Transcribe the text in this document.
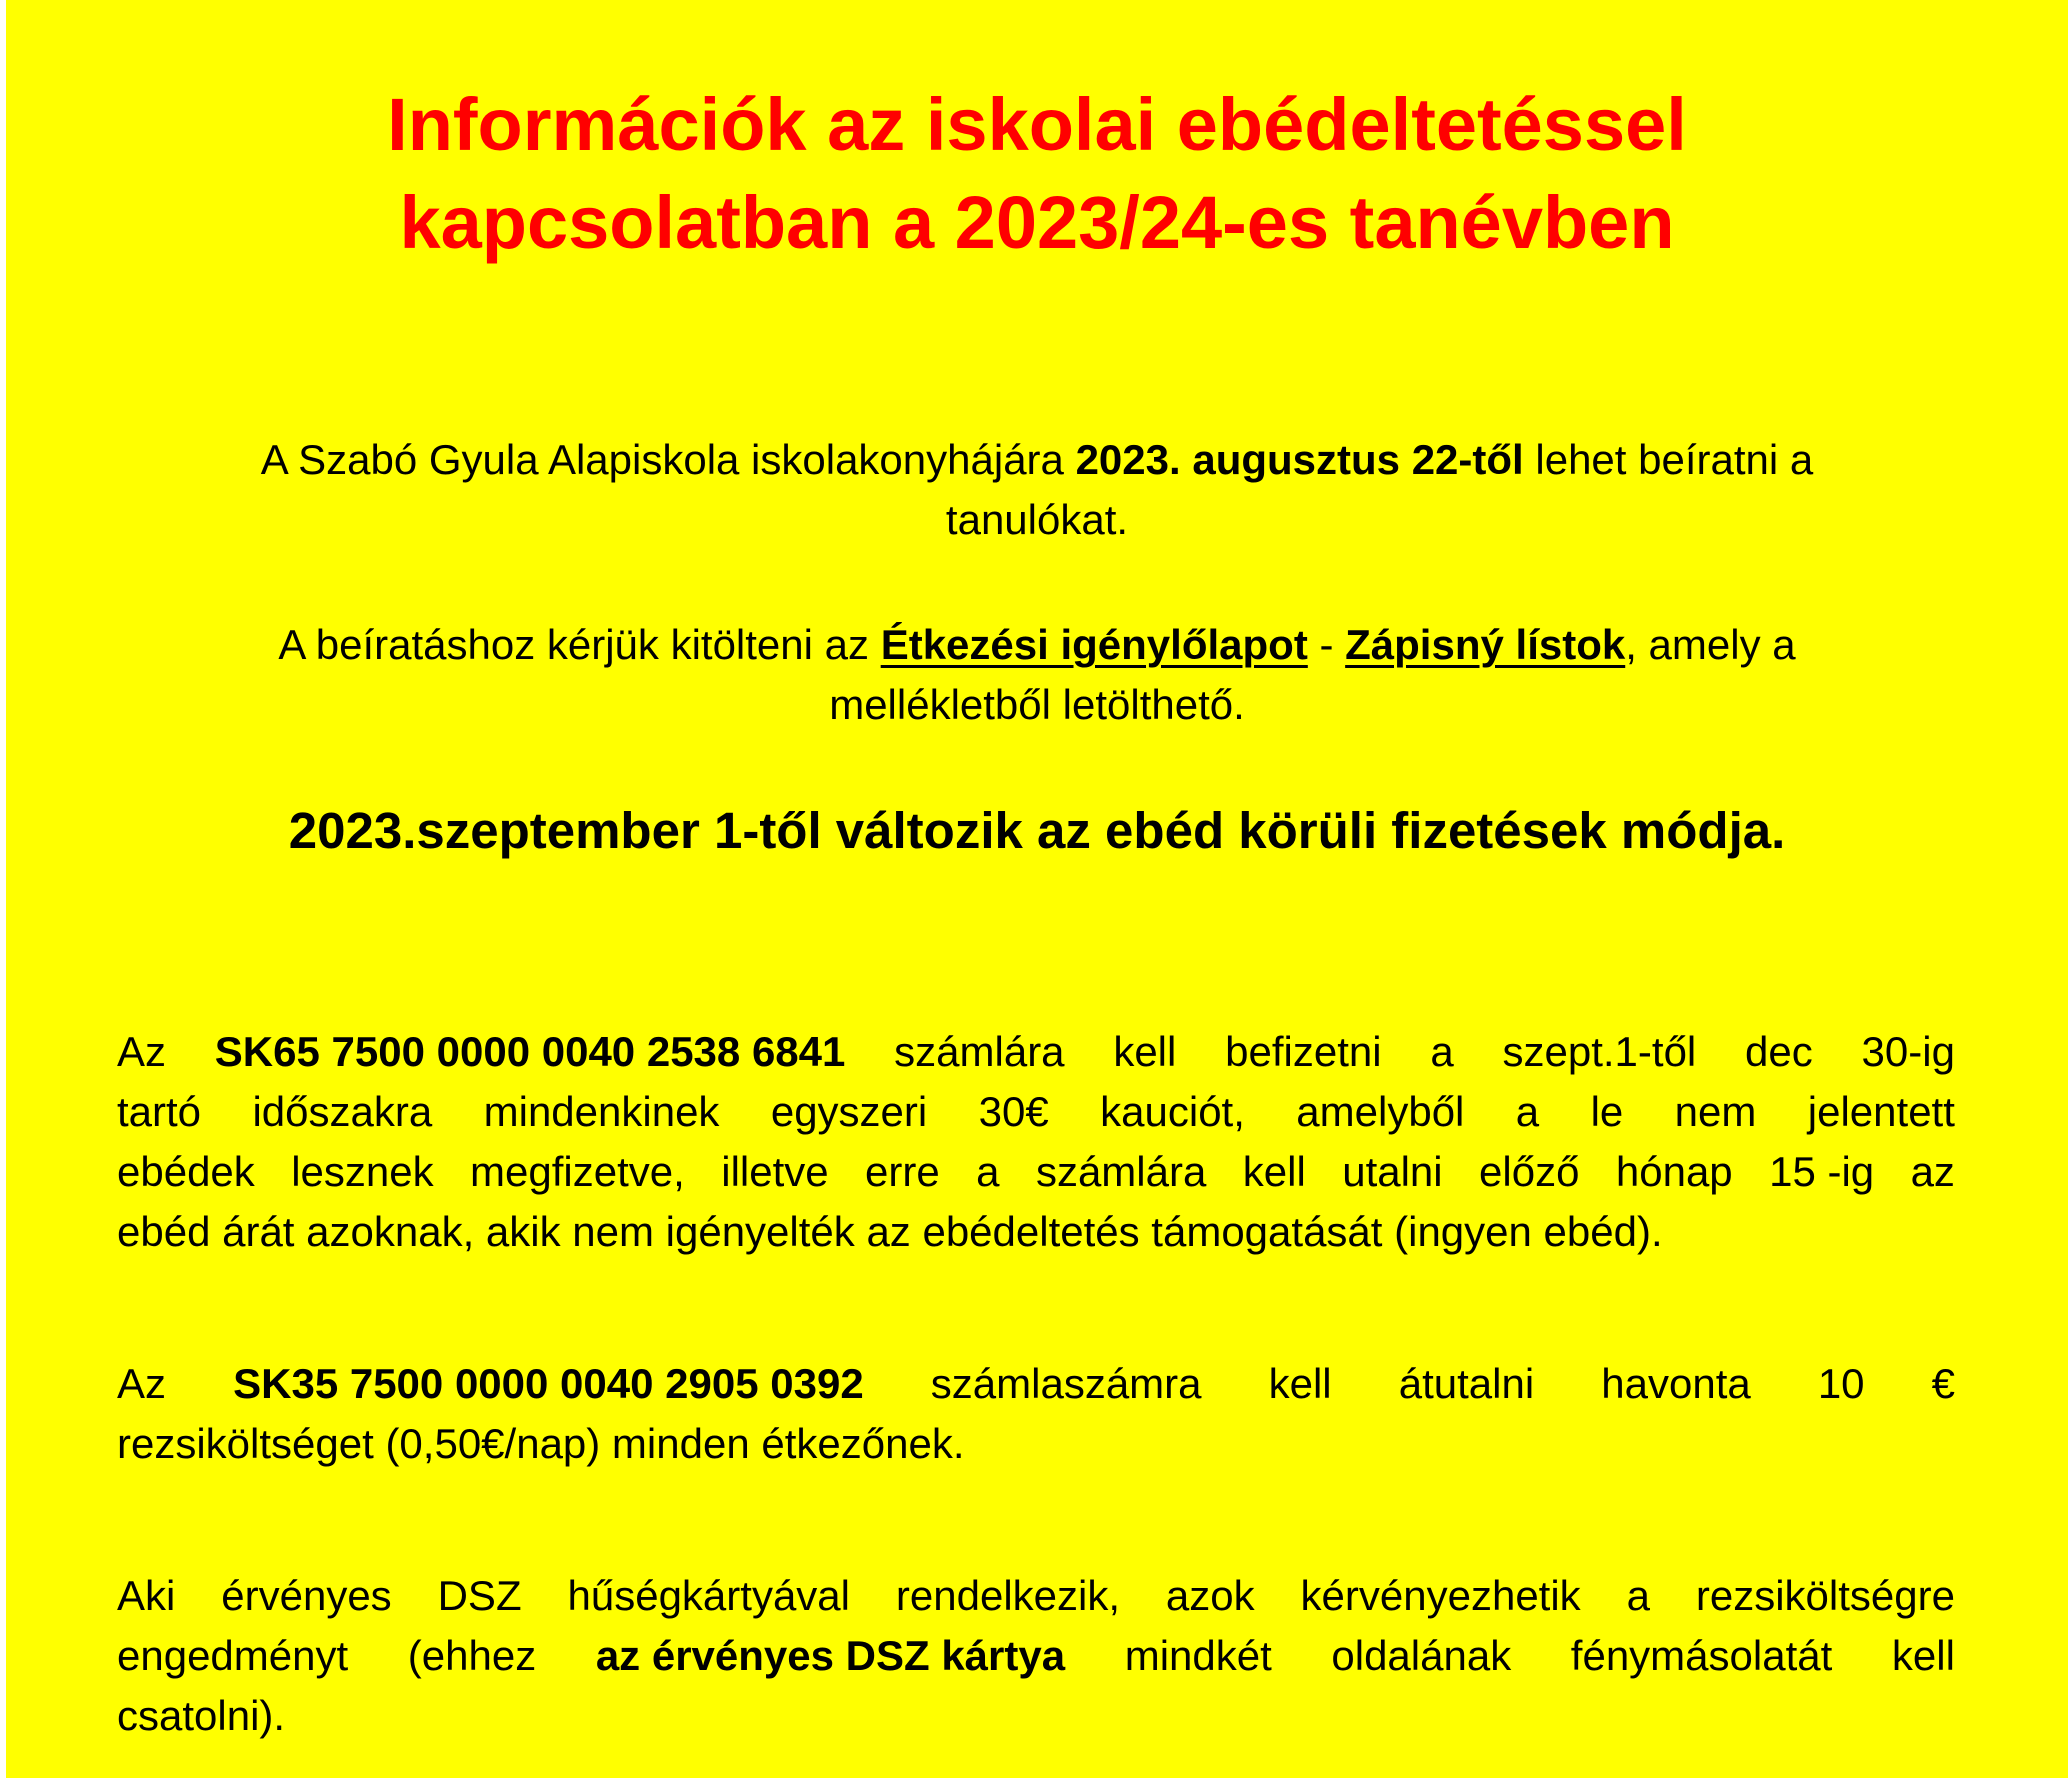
Információk az iskolai ebédeltetéssel
kapcsolatban a 2023/24-es tanévben
A Szabó Gyula Alapiskola iskolakonyhájára 2023. augusztus 22-től lehet beíratni a
tanulókat.
A beíratáshoz kérjük kitölteni az Étkezési igénylőlapot - Zápisný lístok, amely a
mellékletből letölthető.
2023.szeptember 1-től változik az ebéd körüli fizetések módja.
Az SK65 7500 0000 0040 2538 6841 számlára kell befizetni a szept.1-től dec 30-ig
tartó időszakra mindenkinek egyszeri 30€ kauciót, amelyből a le nem jelentett
ebédek lesznek megfizetve, illetve erre a számlára kell utalni előző hónap 15 -ig az
ebéd árát azoknak, akik nem igényelték az ebédeltetés támogatását (ingyen ebéd).
Az SK35 7500 0000 0040 2905 0392 számlaszámra kell átutalni havonta 10 €
rezsiköltséget (0,50€/nap) minden étkezőnek.
Aki érvényes DSZ hűségkártyával rendelkezik, azok kérvényezhetik a rezsiköltségre
engedményt (ehhez az érvényes DSZ kártya mindkét oldalának fénymásolatát kell
csatolni).
